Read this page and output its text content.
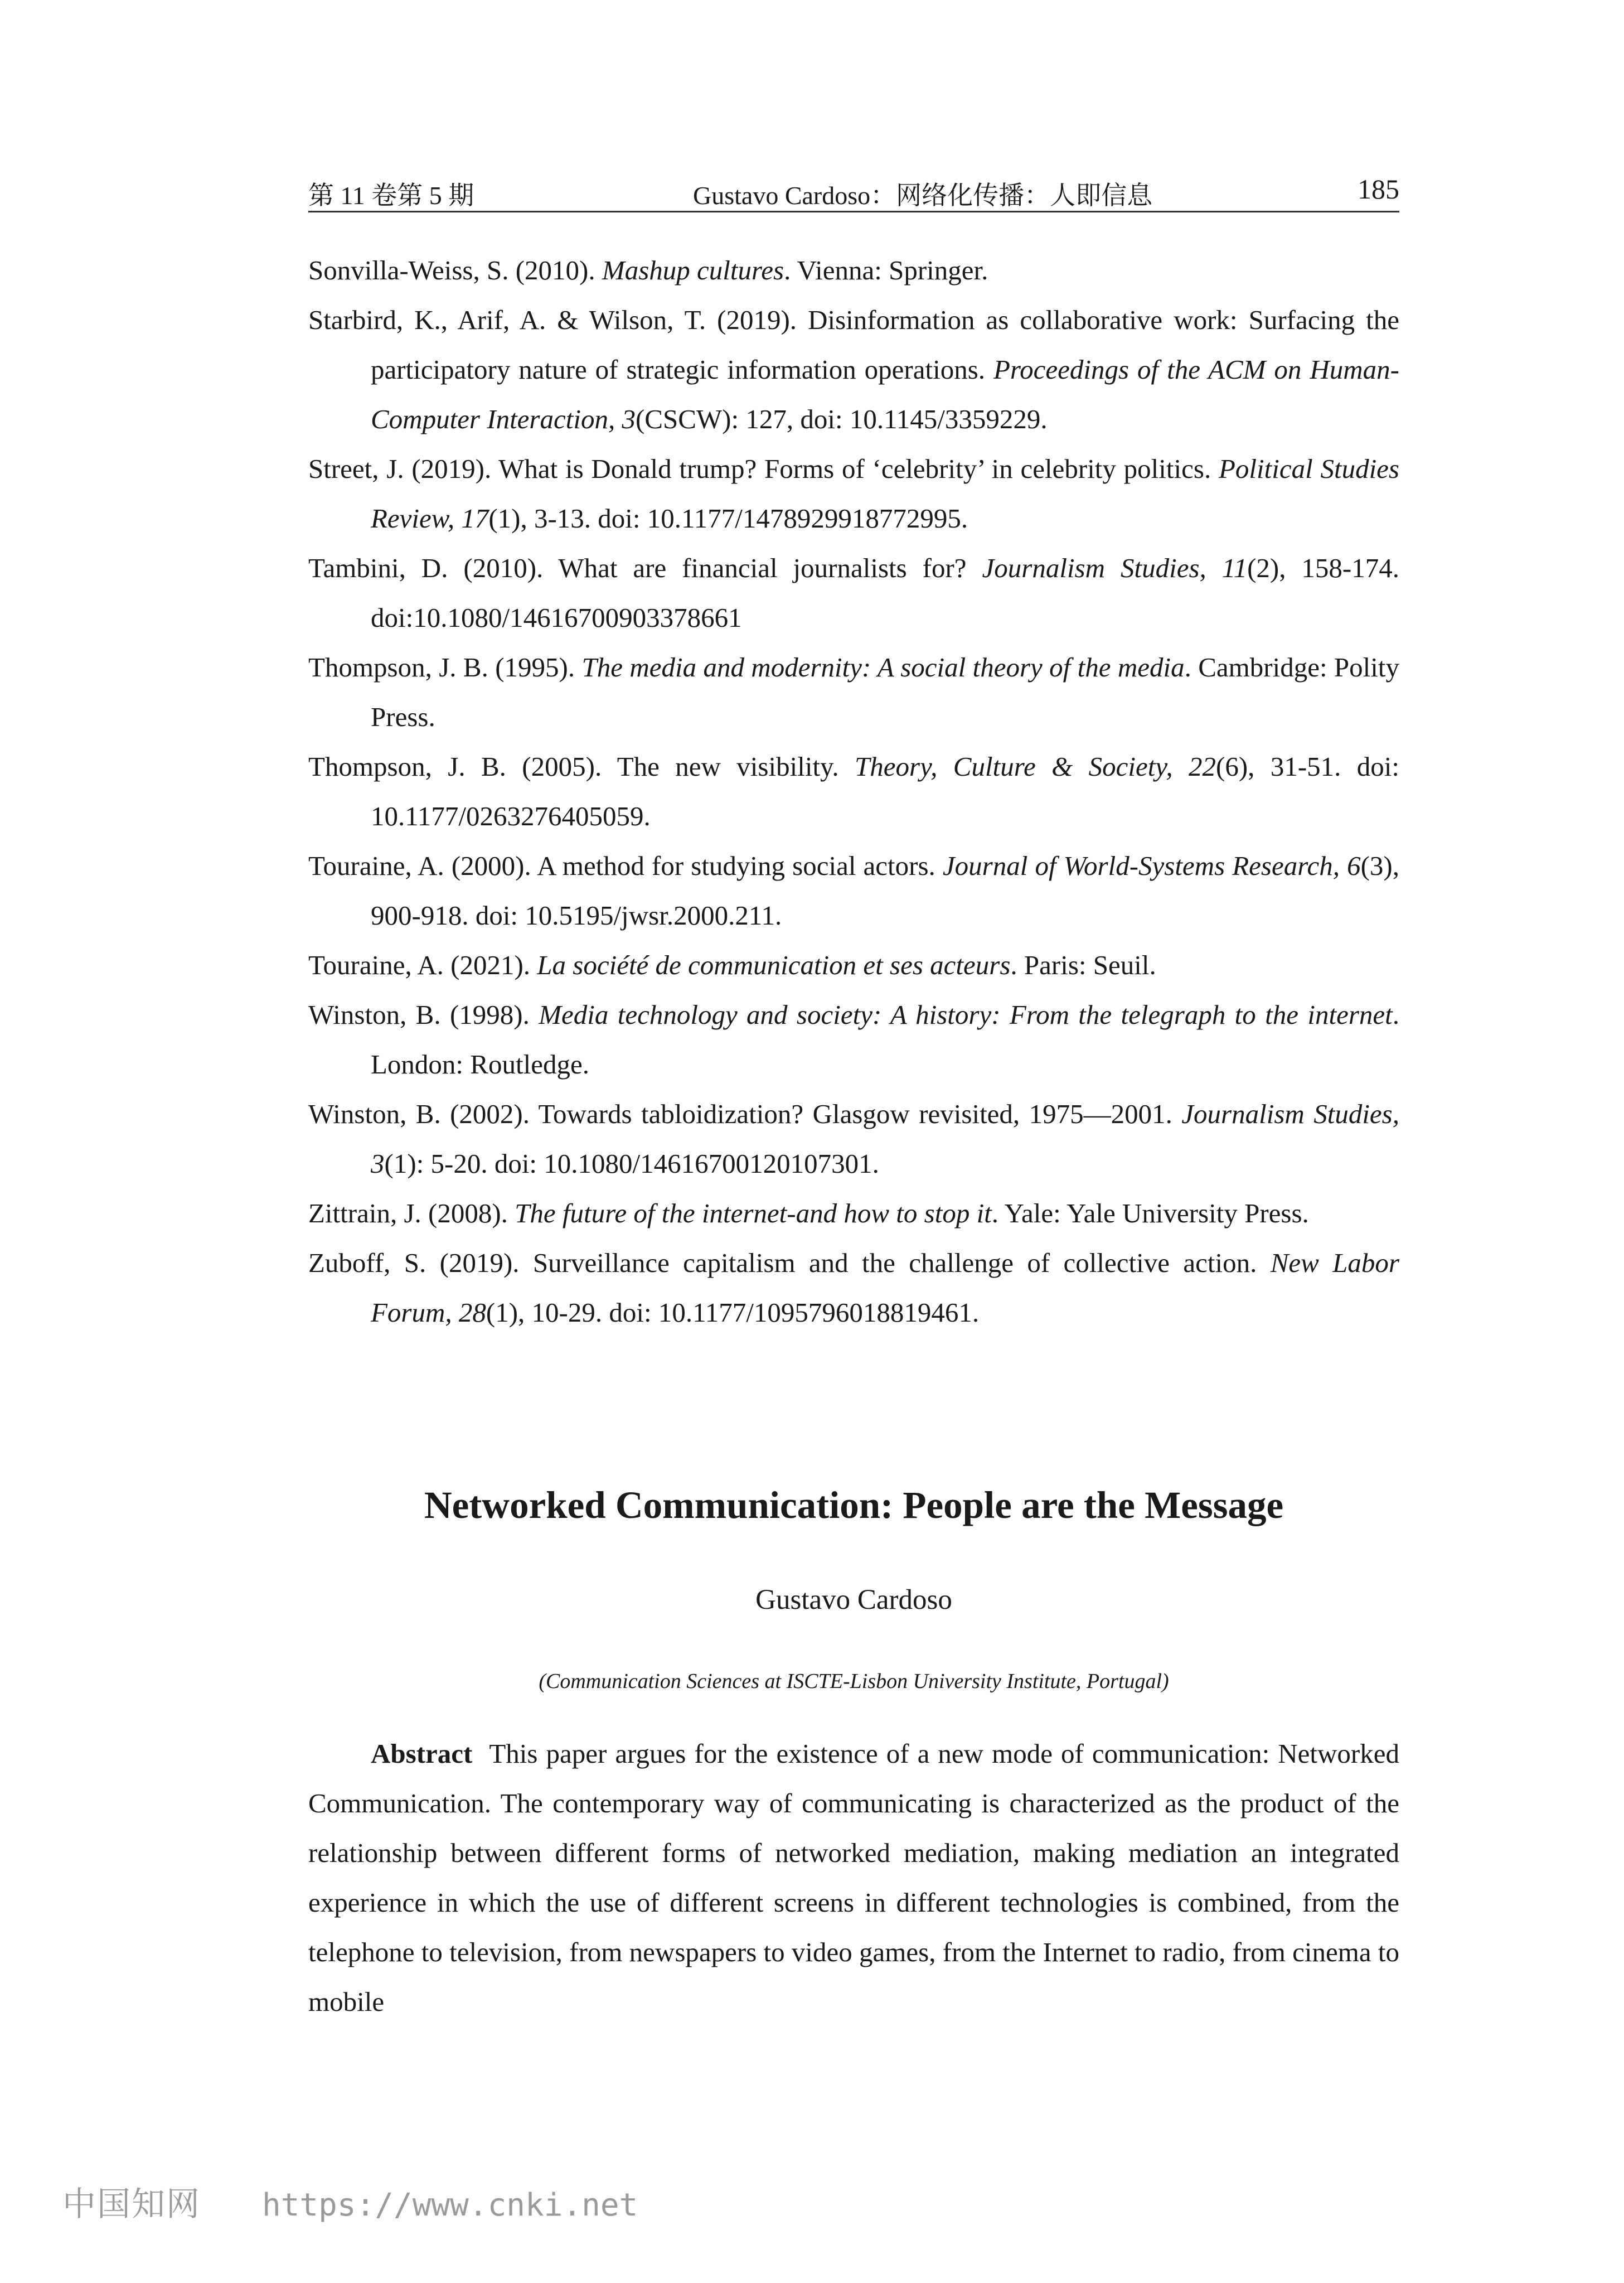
第 11 卷第 5 期	Gustavo Cardoso：网络化传播：人即信息	185
Sonvilla-Weiss, S. (2010). Mashup cultures. Vienna: Springer.
Starbird, K., Arif, A. & Wilson, T. (2019). Disinformation as collaborative work: Surfacing the participatory nature of strategic information operations. Proceedings of the ACM on Human-Computer Interaction, 3(CSCW): 127, doi: 10.1145/3359229.
Street, J. (2019). What is Donald trump? Forms of ‘celebrity’ in celebrity politics. Political Studies Review, 17(1), 3-13. doi: 10.1177/1478929918772995.
Tambini, D. (2010). What are financial journalists for? Journalism Studies, 11(2), 158-174. doi:10.1080/14616700903378661
Thompson, J. B. (1995). The media and modernity: A social theory of the media. Cambridge: Polity Press.
Thompson, J. B. (2005). The new visibility. Theory, Culture & Society, 22(6), 31-51. doi: 10.1177/0263276405059.
Touraine, A. (2000). A method for studying social actors. Journal of World-Systems Research, 6(3), 900-918. doi: 10.5195/jwsr.2000.211.
Touraine, A. (2021). La société de communication et ses acteurs. Paris: Seuil.
Winston, B. (1998). Media technology and society: A history: From the telegraph to the internet. London: Routledge.
Winston, B. (2002). Towards tabloidization? Glasgow revisited, 1975—2001. Journalism Studies, 3(1): 5-20. doi: 10.1080/14616700120107301.
Zittrain, J. (2008). The future of the internet-and how to stop it. Yale: Yale University Press.
Zuboff, S. (2019). Surveillance capitalism and the challenge of collective action. New Labor Forum, 28(1), 10-29. doi: 10.1177/1095796018819461.
Networked Communication: People are the Message
Gustavo Cardoso
(Communication Sciences at ISCTE-Lisbon University Institute, Portugal)
Abstract This paper argues for the existence of a new mode of communication: Networked Communication. The contemporary way of communicating is characterized as the product of the relationship between different forms of networked mediation, making mediation an integrated experience in which the use of different screens in different technologies is combined, from the telephone to television, from newspapers to video games, from the Internet to radio, from cinema to mobile
中国知网 https://www.cnki.net
